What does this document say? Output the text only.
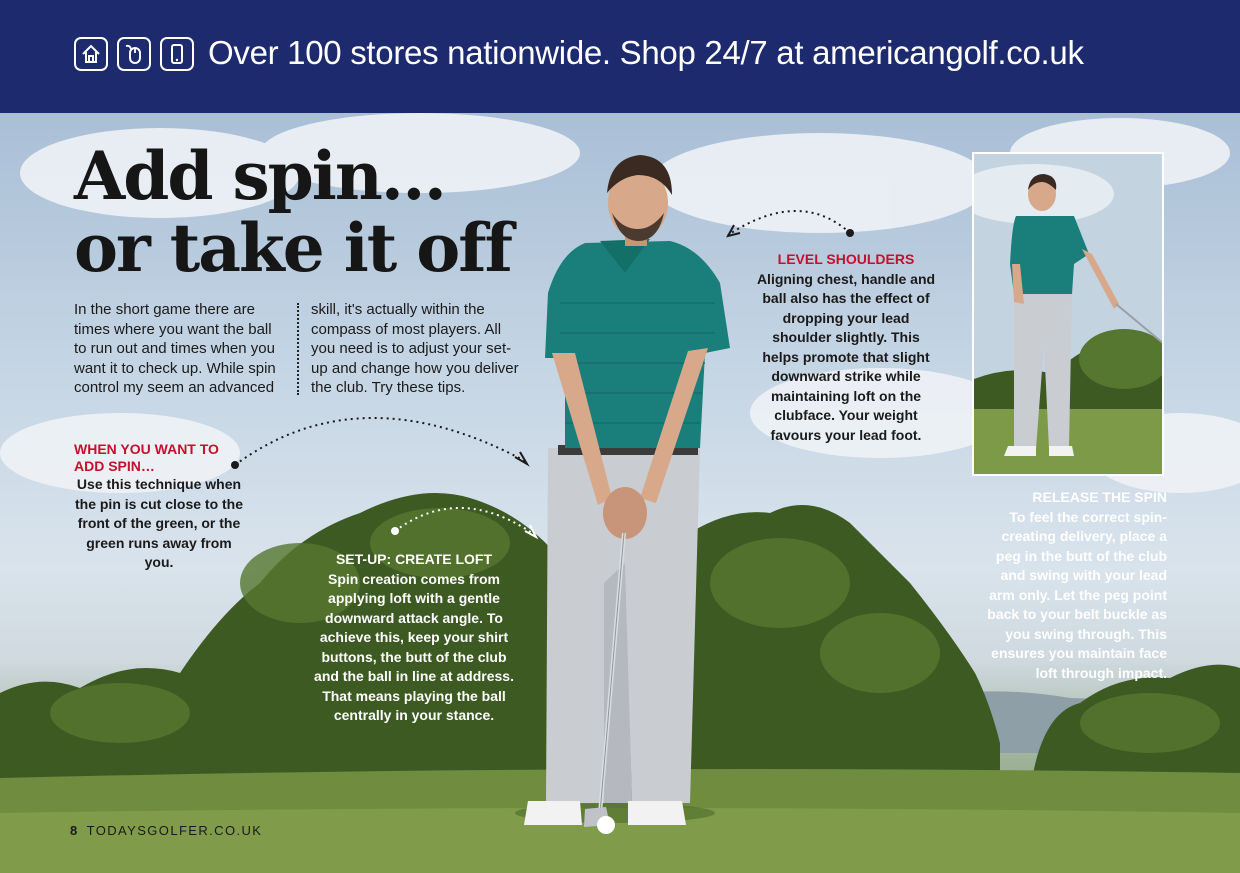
Over 100 stores nationwide. Shop 24/7 at americangolf.co.uk
Add spin…
or take it off
In the short game there are times where you want the ball to run out and times when you want it to check up. While spin control my seem an advanced
skill, it's actually within the compass of most players. All you need is to adjust your set-up and change how you deliver the club. Try these tips.
WHEN YOU WANT TO ADD SPIN…
Use this technique when the pin is cut close to the front of the green, or the green runs away from you.
LEVEL SHOULDERS
Aligning chest, handle and ball also has the effect of dropping your lead shoulder slightly. This helps promote that slight downward strike while maintaining loft on the clubface. Your weight favours your lead foot.
SET-UP: CREATE LOFT
Spin creation comes from applying loft with a gentle downward attack angle. To achieve this, keep your shirt buttons, the butt of the club and the ball in line at address. That means playing the ball centrally in your stance.
RELEASE THE SPIN
To feel the correct spin-creating delivery, place a peg in the butt of the club and swing with your lead arm only. Let the peg point back to your belt buckle as you swing through. This ensures you maintain face loft through impact.
8 TODAYSGOLFER.CO.UK
